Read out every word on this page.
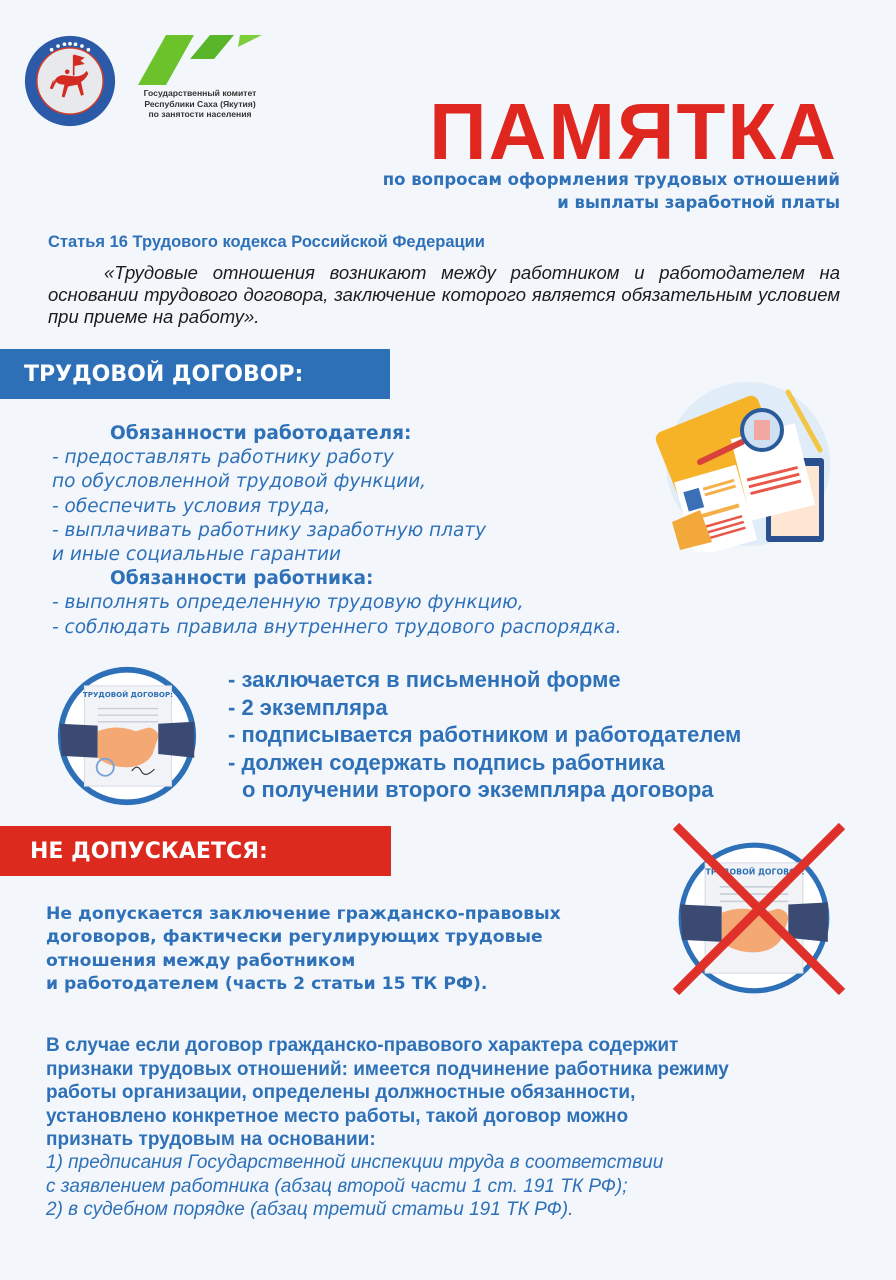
Государственный комитет
Республики Саха (Якутия)
по занятости населения ПАМЯТКА
по вопросам оформления трудовых отношений
и выплаты заработной платы
Статья 16 Трудового кодекса Российской Федерации
«Трудовые отношения возникают между работником и работодателем на основании трудового договора, заключение которого является обязательным условием при приеме на работу».
ТРУДОВОЙ ДОГОВОР:
Обязанности работодателя:
- предоставлять работнику работу
по обусловленной трудовой функции,
- обеспечить условия труда,
- выплачивать работнику заработную плату
и иные социальные гарантии
Обязанности работника:
- выполнять определенную трудовую функцию,
- соблюдать правила внутреннего трудового распорядка.
ТРУДОВОЙ ДОГОВОР:
- заключается в письменной форме
- 2 экземпляра
- подписывается работником и работодателем
- должен содержать подпись работника
о получении второго экземпляра договора
НЕ ДОПУСКАЕТСЯ:
ТРУДОВОЙ ДОГОВОР:
Не допускается заключение гражданско-правовых
договоров, фактически регулирующих трудовые
отношения между работником
и работодателем (часть 2 статьи 15 ТК РФ).
В случае если договор гражданско-правового характера содержит
признаки трудовых отношений: имеется подчинение работника режиму
работы организации, определены должностные обязанности,
установлено конкретное место работы, такой договор можно
признать трудовым на основании:
1) предписания Государственной инспекции труда в соответствии
с заявлением работника (абзац второй части 1 ст. 191 ТК РФ);
2) в судебном порядке (абзац третий статьи 191 ТК РФ).
